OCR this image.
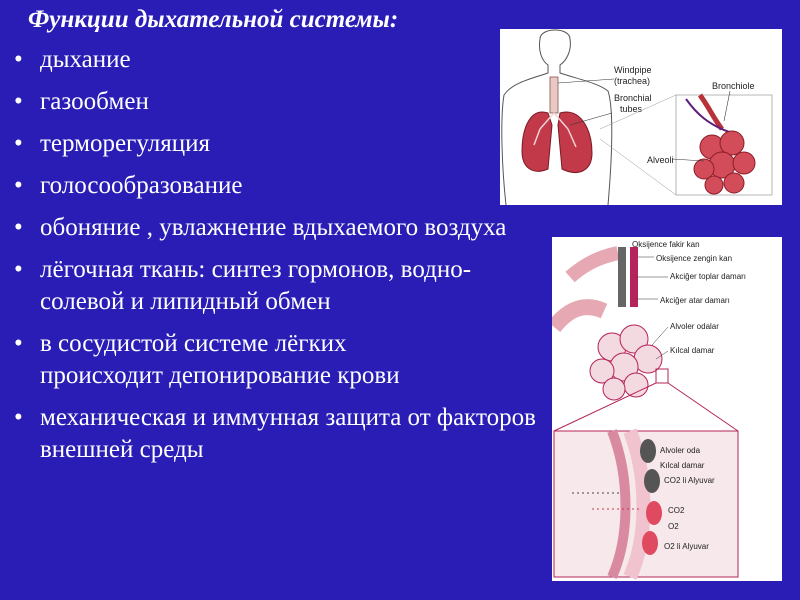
Функции дыхательной системы:
• дыхание
• газообмен
• терморегуляция
• голосообразование
• обоняние , увлажнение вдыхаемого воздуха
• лёгочная ткань: синтез гормонов, водно-солевой и липидный обмен
• в сосудистой системе лёгких происходит депонирование крови
• механическая и иммунная защита от факторов внешней среды
Windpipe
(trachea)
Bronchial
tubes
Bronchiole
Alveoli
Oksijence fakir kan
Oksijence zengin kan
Akciğer toplar damarı
Akciğer atar damarı
Alvoler odalar
Kılcal damar
Alvoler oda
Kılcal damar
CO2 li Alyuvar
CO2
O2
O2 li Alyuvar
